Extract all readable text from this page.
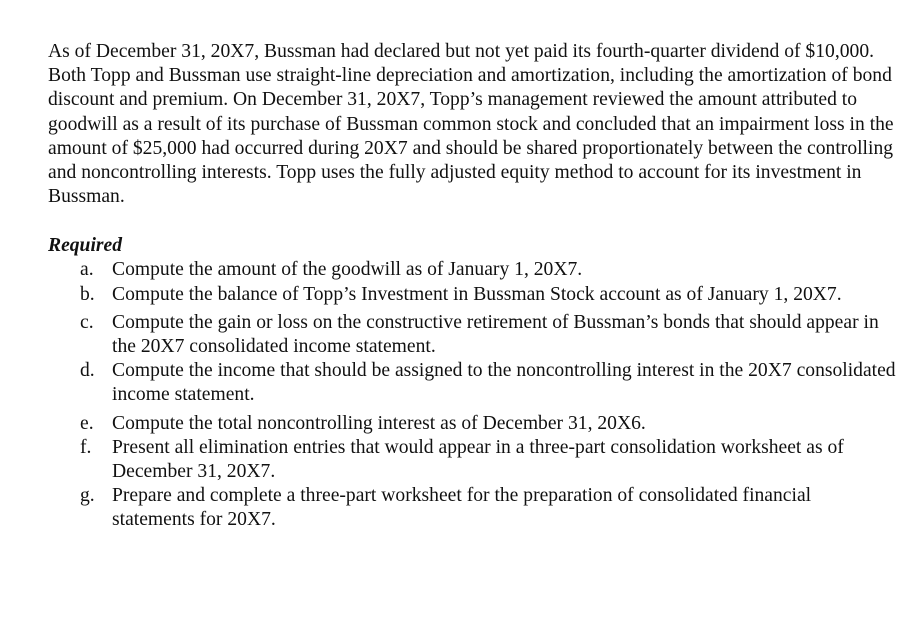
As of December 31, 20X7, Bussman had declared but not yet paid its fourth-quarter dividend of $10,000. Both Topp and Bussman use straight-line depreciation and amortization, including the amortization of bond discount and premium. On December 31, 20X7, Topp’s management reviewed the amount attributed to goodwill as a result of its purchase of Bussman common stock and concluded that an impairment loss in the amount of $25,000 had occurred during 20X7 and should be shared proportionately between the controlling and noncontrolling interests. Topp uses the fully adjusted equity method to account for its investment in Bussman.

Required
a. Compute the amount of the goodwill as of January 1, 20X7.
b. Compute the balance of Topp’s Investment in Bussman Stock account as of January 1, 20X7.
c. Compute the gain or loss on the constructive retirement of Bussman’s bonds that should appear in the 20X7 consolidated income statement.
d. Compute the income that should be assigned to the noncontrolling interest in the 20X7 consolidated income statement.
e. Compute the total noncontrolling interest as of December 31, 20X6.
f. Present all elimination entries that would appear in a three-part consolidation worksheet as of December 31, 20X7.
g. Prepare and complete a three-part worksheet for the preparation of consolidated financial statements for 20X7.
